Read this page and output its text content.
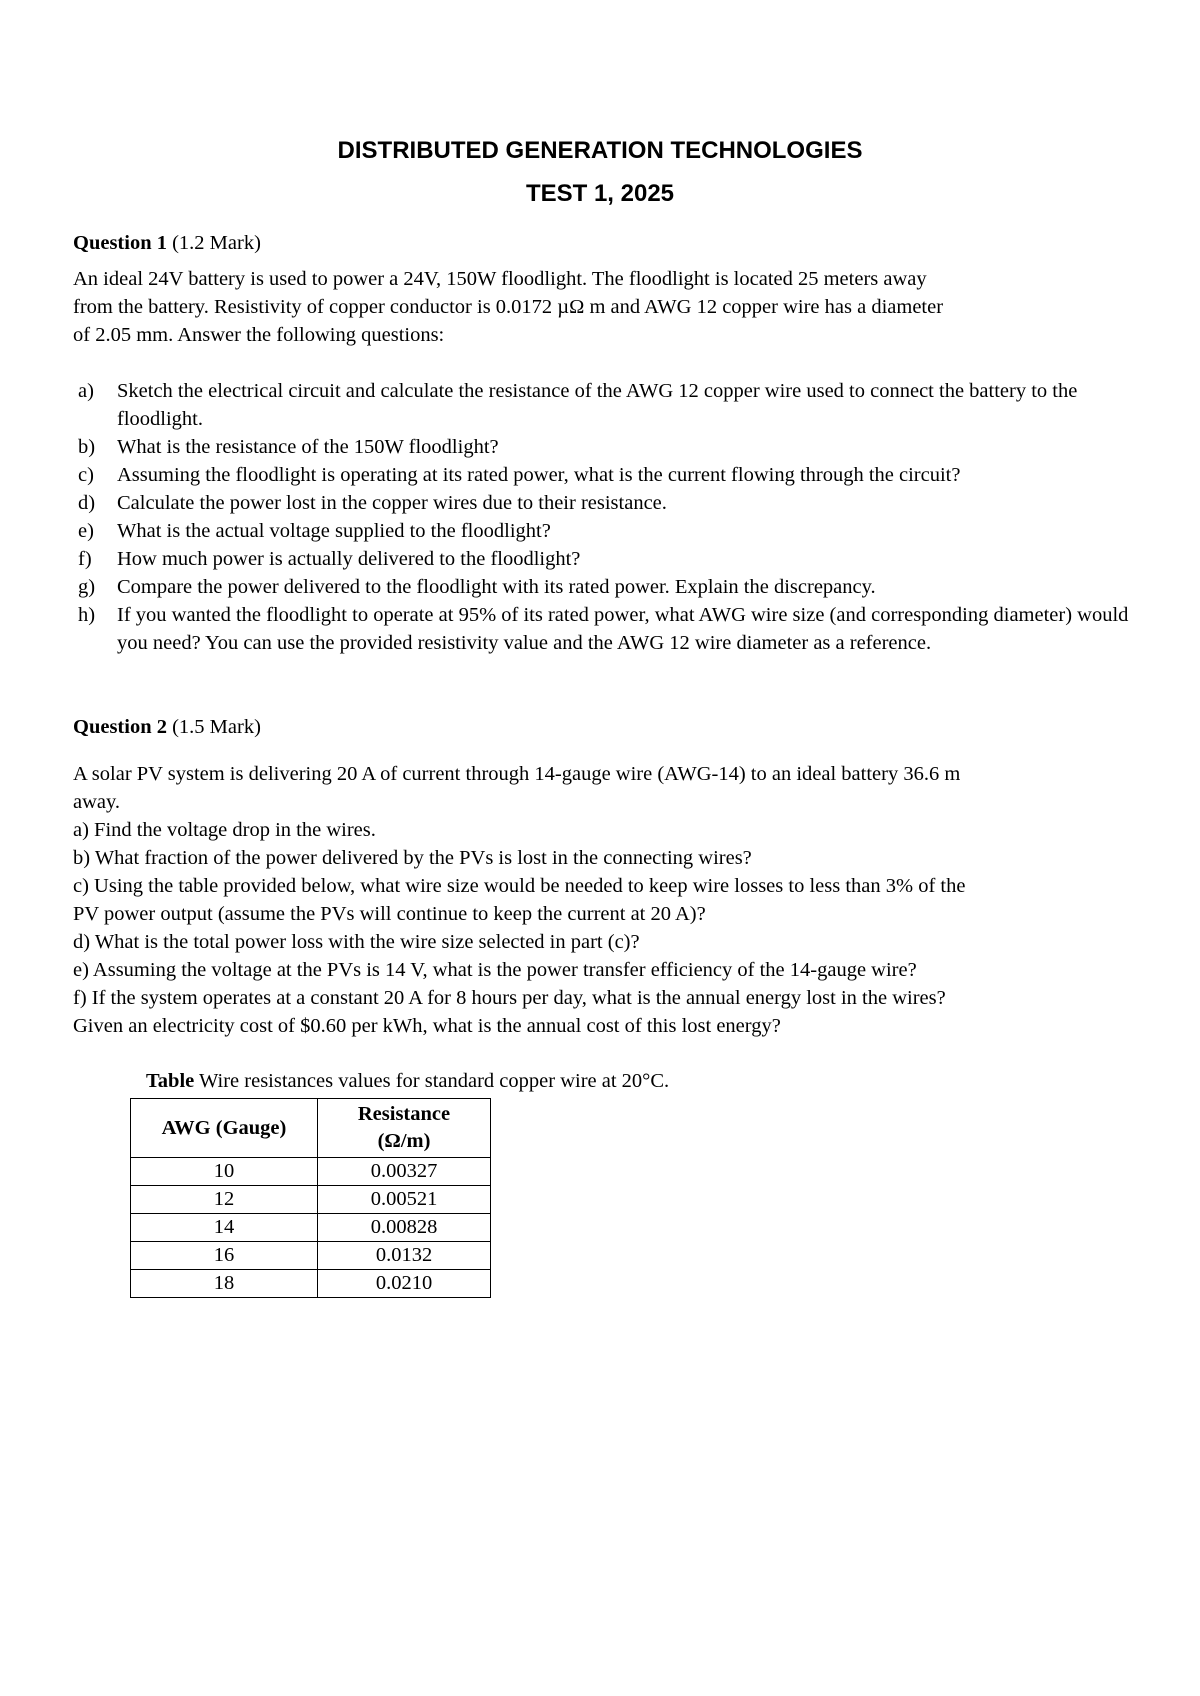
DISTRIBUTED GENERATION TECHNOLOGIES
TEST 1, 2025
Question 1 (1.2 Mark)
An ideal 24V battery is used to power a 24V, 150W floodlight. The floodlight is located 25 meters away
from the battery. Resistivity of copper conductor is 0.0172 µΩ m and AWG 12 copper wire has a diameter
of 2.05 mm. Answer the following questions:
a) Sketch the electrical circuit and calculate the resistance of the AWG 12 copper wire used to connect the battery to the floodlight.
b) What is the resistance of the 150W floodlight?
c) Assuming the floodlight is operating at its rated power, what is the current flowing through the circuit?
d) Calculate the power lost in the copper wires due to their resistance.
e) What is the actual voltage supplied to the floodlight?
f) How much power is actually delivered to the floodlight?
g) Compare the power delivered to the floodlight with its rated power. Explain the discrepancy.
h) If you wanted the floodlight to operate at 95% of its rated power, what AWG wire size (and corresponding diameter) would you need? You can use the provided resistivity value and the AWG 12 wire diameter as a reference.
Question 2 (1.5 Mark)
A solar PV system is delivering 20 A of current through 14-gauge wire (AWG-14) to an ideal battery 36.6 m
away.
a) Find the voltage drop in the wires.
b) What fraction of the power delivered by the PVs is lost in the connecting wires?
c) Using the table provided below, what wire size would be needed to keep wire losses to less than 3% of the
PV power output (assume the PVs will continue to keep the current at 20 A)?
d) What is the total power loss with the wire size selected in part (c)?
e) Assuming the voltage at the PVs is 14 V, what is the power transfer efficiency of the 14-gauge wire?
f) If the system operates at a constant 20 A for 8 hours per day, what is the annual energy lost in the wires?
Given an electricity cost of $0.60 per kWh, what is the annual cost of this lost energy?
Table Wire resistances values for standard copper wire at 20°C.
AWG (Gauge)	Resistance
(Ω/m)

10	0.00327
12	0.00521
14	0.00828
16	0.0132
18	0.0210
